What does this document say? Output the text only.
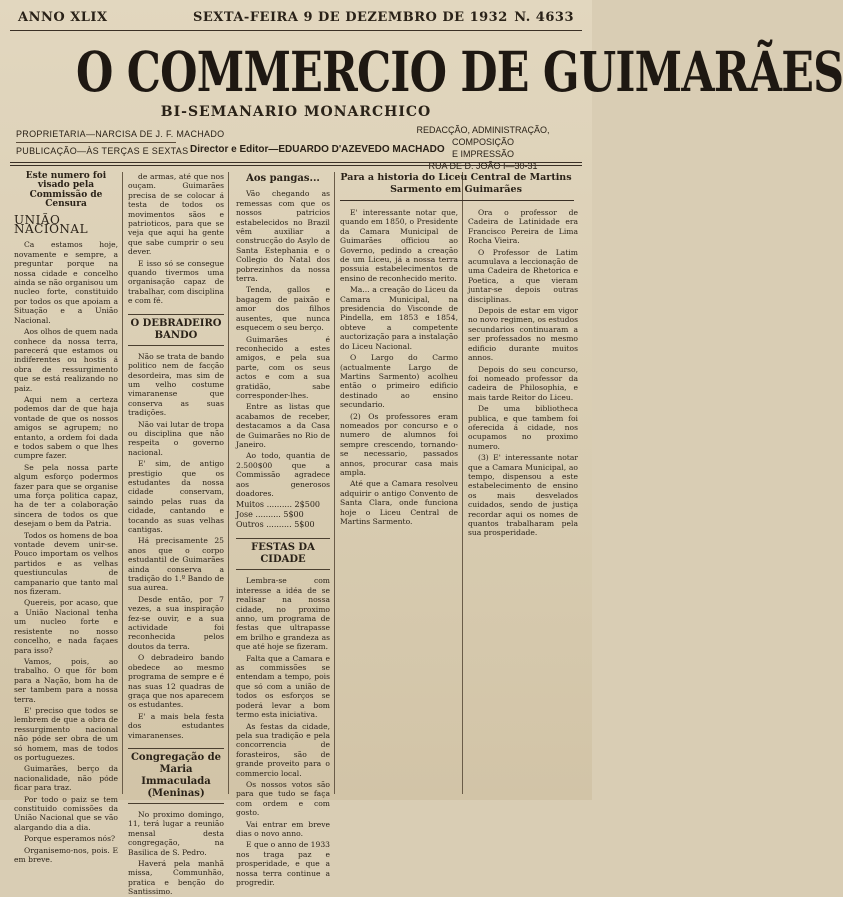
ANNO XLIX	SEXTA-FEIRA 9 DE DEZEMBRO DE 1932 N. 4633
O COMMERCIO DE GUIMARÃES
BI-SEMANARIO MONARCHICO
PROPRIETARIA—NARCISA DE J. F. MACHADO
PUBLICAÇÃO—ÀS TERÇAS E SEXTAS Director e Editor—EDUARDO D'AZEVEDO MACHADO
REDACÇÃO, ADMINISTRAÇÃO, COMPOSIÇÃO
E IMPRESSÃO
RUA DE D. JOÃO I—30-31
Este numero foi visado pela Commissão de Censura
UNIÃO NACIONAL

Ca estamos hoje, novamente e sempre, a preguntar porque na nossa cidade e concelho ainda se não organisou um nucleo forte, constituido por todos os que apoiam a Situação e a União Nacional.

Aos olhos de quem nada conhece da nossa terra, parecerá que estamos ou indiferentes ou hostis á obra de ressurgimento que se está realizando no paiz.

Aqui nem a certeza podemos dar de que haja vontade de que os nossos amigos se agrupem; no entanto, a ordem foi dada e todos sabem o que lhes cumpre fazer.

Se pela nossa parte algum esforço podermos fazer para que se organise uma força politica capaz, ha de ter a colaboração sincera de todos os que desejam o bem da Patria.

Todos os homens de boa vontade devem unir-se. Pouco importam os velhos partidos e as velhas questiunculas de campanario que tanto mal nos fizeram.

Quereis, por acaso, que a União Nacional tenha um nucleo forte e resistente no nosso concelho, e nada façaes para isso?

Vamos, pois, ao trabalho. O que fôr bom para a Nação, bom ha de ser tambem para a nossa terra.

E' preciso que todos se lembrem de que a obra de ressurgimento nacional não póde ser obra de um só homem, mas de todos os portuguezes.

Guimarães, berço da nacionalidade, não póde ficar para traz.

Por todo o paiz se tem constituido comissões da União Nacional que se vão alargando dia a dia.

Porque esperamos nós?

Organisemo-nos, pois. E em breve.

de armas, até que nos ouçam. Guimarães precisa de se colocar á testa de todos os movimentos sãos e patrioticos, para que se veja que aqui ha gente que sabe cumprir o seu dever.

E isso só se consegue quando tivermos uma organisação capaz de trabalhar, com disciplina e com fé.

O DEBRADEIRO BANDO

Não se trata de bando politico nem de facção desordeira, mas sim de um velho costume vimaranense que conserva as suas tradições.

Não vai lutar de tropa ou disciplina que não respeita o governo nacional.

E' sim, de antigo prestigio que os estudantes da nossa cidade conservam, saindo pelas ruas da cidade, cantando e tocando as suas velhas cantigas.

Há precisamente 25 anos que o corpo estudantil de Guimarães ainda conserva a tradição do 1.º Bando de sua aurea.

Desde então, por 7 vezes, a sua inspiração fez-se ouvir, e a sua actividade foi reconhecida pelos doutos da terra.

O debradeiro bando obedece ao mesmo programa de sempre e é nas suas 12 quadras de graça que nos aparecem os estudantes.

E' a mais bela festa dos estudantes vimaranenses.

Congregação de Maria Immaculada (Meninas)

No proximo domingo, 11, terá lugar a reunião mensal desta congregação, na Basilica de S. Pedro.

Haverá pela manhã missa, Communhão, pratica e benção do Santissimo.

Aos pangas...

Vão chegando as remessas com que os nossos patricios estabelecidos no Brazil vêm auxiliar a construcção do Asylo de Santa Estephania e o Collegio do Natal dos pobrezinhos da nossa terra.

Tenda, gallos e bagagem de paixão e amor dos filhos ausentes, que nunca esquecem o seu berço.

Guimarães é reconhecido a estes amigos, e pela sua parte, com os seus actos e com a sua gratidão, sabe corresponder-lhes.

Entre as listas que acabamos de receber, destacamos a da Casa de Guimarães no Rio de Janeiro.

Ao todo, quantia de 2.500$00 que a Commissão agradece aos generosos doadores.

Muitos .......... 2$500
Jose .......... 5$00
Outros .......... 5$00
FESTAS DA CIDADE

Lembra-se com interesse a idéa de se realisar na nossa cidade, no proximo anno, um programa de festas que ultrapasse em brilho e grandeza as que até hoje se fizeram.

Falta que a Camara e as commissões se entendam a tempo, pois que só com a união de todos os esforços se poderá levar a bom termo esta iniciativa.

As festas da cidade, pela sua tradição e pela concorrencia de forasteiros, são de grande proveito para o commercio local.

Os nossos votos são para que tudo se faça com ordem e com gosto.

Vai entrar em breve dias o novo anno.

E que o anno de 1933 nos traga paz e prosperidade, e que a nossa terra continue a progredir.

Para a historia do Liceu Central de Martins Sarmento em Guimarães

E' interessante notar que, quando em 1850, o Presidente da Camara Municipal de Guimarães officiou ao Governo, pedindo a creação de um Liceu, já a nossa terra possuia estabelecimentos de ensino de reconhecido merito.

Ma... a creação do Liceu da Camara Municipal, na presidencia do Visconde de Pindella, em 1853 e 1854, obteve a competente auctorização para a instalação do Liceu Nacional.

O Largo do Carmo (actualmente Largo de Martins Sarmento) acolheu então o primeiro edificio destinado ao ensino secundario.

(2) Os professores eram nomeados por concurso e o numero de alumnos foi sempre crescendo, tornando-se necessario, passados annos, procurar casa mais ampla.

Até que a Camara resolveu adquirir o antigo Convento de Santa Clara, onde funciona hoje o Liceu Central de Martins Sarmento.

Ora o professor de Cadeira de Latinidade era Francisco Pereira de Lima Rocha Vieira.

O Professor de Latim acumulava a leccionação de uma Cadeira de Rhetorica e Poetica, a que vieram juntar-se depois outras disciplinas.

Depois de estar em vigor no novo regimen, os estudos secundarios continuaram a ser professados no mesmo edificio durante muitos annos.

Depois do seu concurso, foi nomeado professor da cadeira de Philosophia, e mais tarde Reitor do Liceu.

De uma bibliotheca publica, e que tambem foi oferecida á cidade, nos ocupamos no proximo numero.

(3) E' interessante notar que a Camara Municipal, ao tempo, dispensou a este estabelecimento de ensino os mais desvelados cuidados, sendo de justiça recordar aqui os nomes de quantos trabalharam pela sua prosperidade.
